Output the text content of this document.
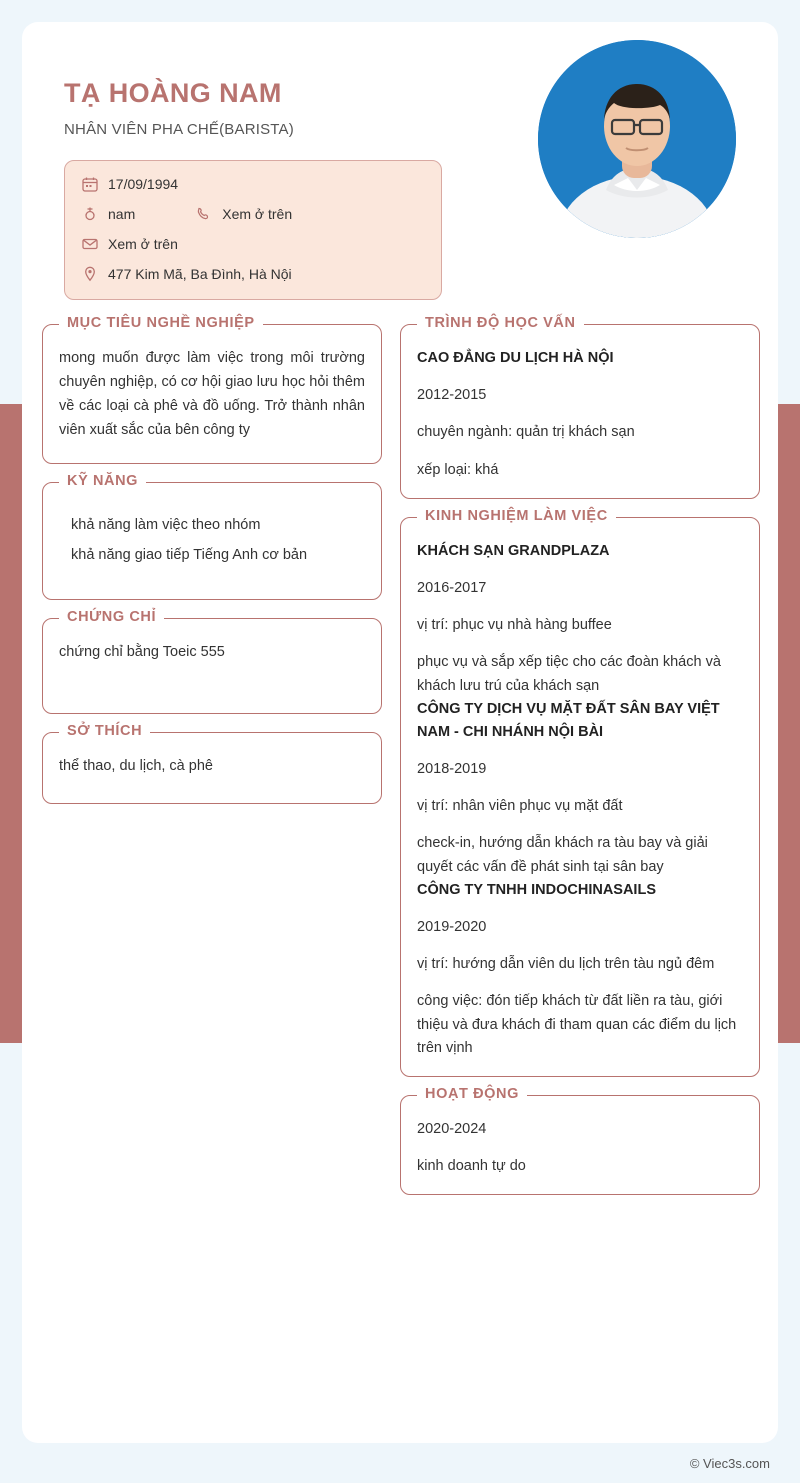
TẠ HOÀNG NAM
NHÂN VIÊN PHA CHẾ(BARISTA)
17/09/1994
nam	Xem ở trên
Xem ở trên
477 Kim Mã, Ba Đình, Hà Nội
MỤC TIÊU NGHỀ NGHIỆP
mong muốn được làm việc trong môi trường chuyên nghiệp, có cơ hội giao lưu học hỏi thêm về các loại cà phê và đồ uống. Trở thành nhân viên xuất sắc của bên công ty
KỸ NĂNG
khả năng làm việc theo nhóm
khả năng giao tiếp Tiếng Anh cơ bản
CHỨNG CHỈ
chứng chỉ bằng Toeic 555
SỞ THÍCH
thể thao, du lịch, cà phê
TRÌNH ĐỘ HỌC VẤN
CAO ĐẲNG DU LỊCH HÀ NỘI
2012-2015
chuyên ngành: quản trị khách sạn
xếp loại: khá
KINH NGHIỆM LÀM VIỆC
KHÁCH SẠN GRANDPLAZA
2016-2017
vị trí: phục vụ nhà hàng buffee
phục vụ và sắp xếp tiệc cho các đoàn khách và khách lưu trú của khách sạn
CÔNG TY DỊCH VỤ MẶT ĐẤT SÂN BAY VIỆT NAM - CHI NHÁNH NỘI BÀI
2018-2019
vị trí: nhân viên phục vụ mặt đất
check-in, hướng dẫn khách ra tàu bay và giải quyết các vấn đề phát sinh tại sân bay
CÔNG TY TNHH INDOCHINASAILS
2019-2020
vị trí: hướng dẫn viên du lịch trên tàu ngủ đêm
công việc: đón tiếp khách từ đất liền ra tàu, giới thiệu và đưa khách đi tham quan các điểm du lịch trên vịnh
HOẠT ĐỘNG
2020-2024
kinh doanh tự do
© Viec3s.com
